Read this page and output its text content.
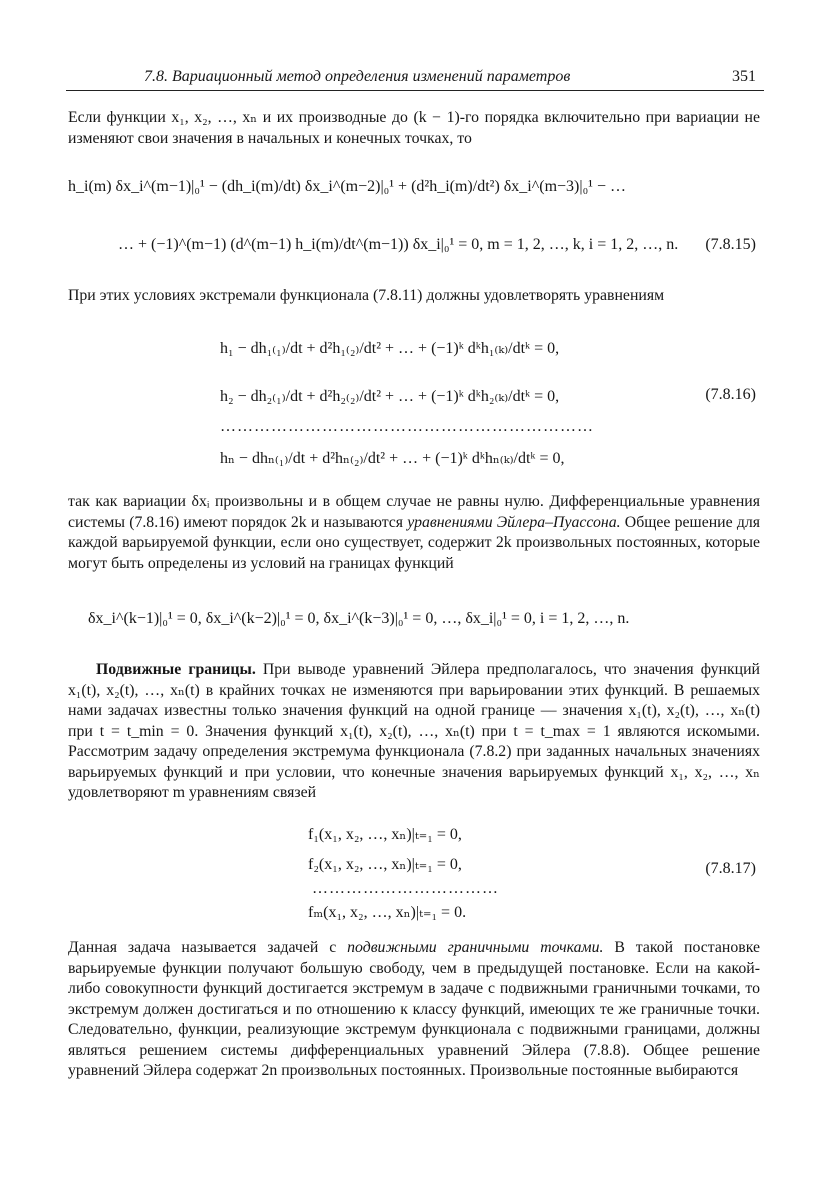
7.8. Вариационный метод определения изменений параметров	351
Если функции x₁, x₂, …, xₙ и их производные до (k − 1)-го порядка включительно при вариации не изменяют свои значения в начальных и конечных точках, то
h_i(m) δx_i^(m−1)|₀¹ − (dh_i(m)/dt) δx_i^(m−2)|₀¹ + (d²h_i(m)/dt²) δx_i^(m−3)|₀¹ − …
… + (−1)^(m−1) (d^(m−1) h_i(m)/dt^(m−1)) δx_i|₀¹ = 0, m = 1, 2, …, k, i = 1, 2, …, n. (7.8.15)
При этих условиях экстремали функционала (7.8.11) должны удовлетворять уравнениям
h₁ − dh₁₍₁₎/dt + d²h₁₍₂₎/dt² + … + (−1)ᵏ dᵏh₁₍ₖ₎/dtᵏ = 0,
h₂ − dh₂₍₁₎/dt + d²h₂₍₂₎/dt² + … + (−1)ᵏ dᵏh₂₍ₖ₎/dtᵏ = 0,	(7.8.16)
…………………………………………………………
hₙ − dhₙ₍₁₎/dt + d²hₙ₍₂₎/dt² + … + (−1)ᵏ dᵏhₙ₍ₖ₎/dtᵏ = 0,
так как вариации δxᵢ произвольны и в общем случае не равны нулю. Дифференциальные уравнения системы (7.8.16) имеют порядок 2k и называются уравнениями Эйлера–Пуассона. Общее решение для каждой варьируемой функции, если оно существует, содержит 2k произвольных постоянных, которые могут быть определены из условий на границах функций
δx_i^(k−1)|₀¹ = 0, δx_i^(k−2)|₀¹ = 0, δx_i^(k−3)|₀¹ = 0, …, δx_i|₀¹ = 0, i = 1, 2, …, n.
Подвижные границы. При выводе уравнений Эйлера предполагалось, что значения функций x₁(t), x₂(t), …, xₙ(t) в крайних точках не изменяются при варьировании этих функций. В решаемых нами задачах известны только значения функций на одной границе — значения x₁(t), x₂(t), …, xₙ(t) при t = t_min = 0. Значения функций x₁(t), x₂(t), …, xₙ(t) при t = t_max = 1 являются искомыми. Рассмотрим задачу определения экстремума функционала (7.8.2) при заданных начальных значениях варьируемых функций и при условии, что конечные значения варьируемых функций x₁, x₂, …, xₙ удовлетворяют m уравнениям связей
f₁(x₁, x₂, …, xₙ)|ₜ₌₁ = 0,
f₂(x₁, x₂, …, xₙ)|ₜ₌₁ = 0,	(7.8.17)
……………………………
fₘ(x₁, x₂, …, xₙ)|ₜ₌₁ = 0.
Данная задача называется задачей с подвижными граничными точками. В такой постановке варьируемые функции получают большую свободу, чем в предыдущей постановке. Если на какой-либо совокупности функций достигается экстремум в задаче с подвижными граничными точками, то экстремум должен достигаться и по отношению к классу функций, имеющих те же граничные точки. Следовательно, функции, реализующие экстремум функционала с подвижными границами, должны являться решением системы дифференциальных уравнений Эйлера (7.8.8). Общее решение уравнений Эйлера содержат 2n произвольных постоянных. Произвольные постоянные выбираются
